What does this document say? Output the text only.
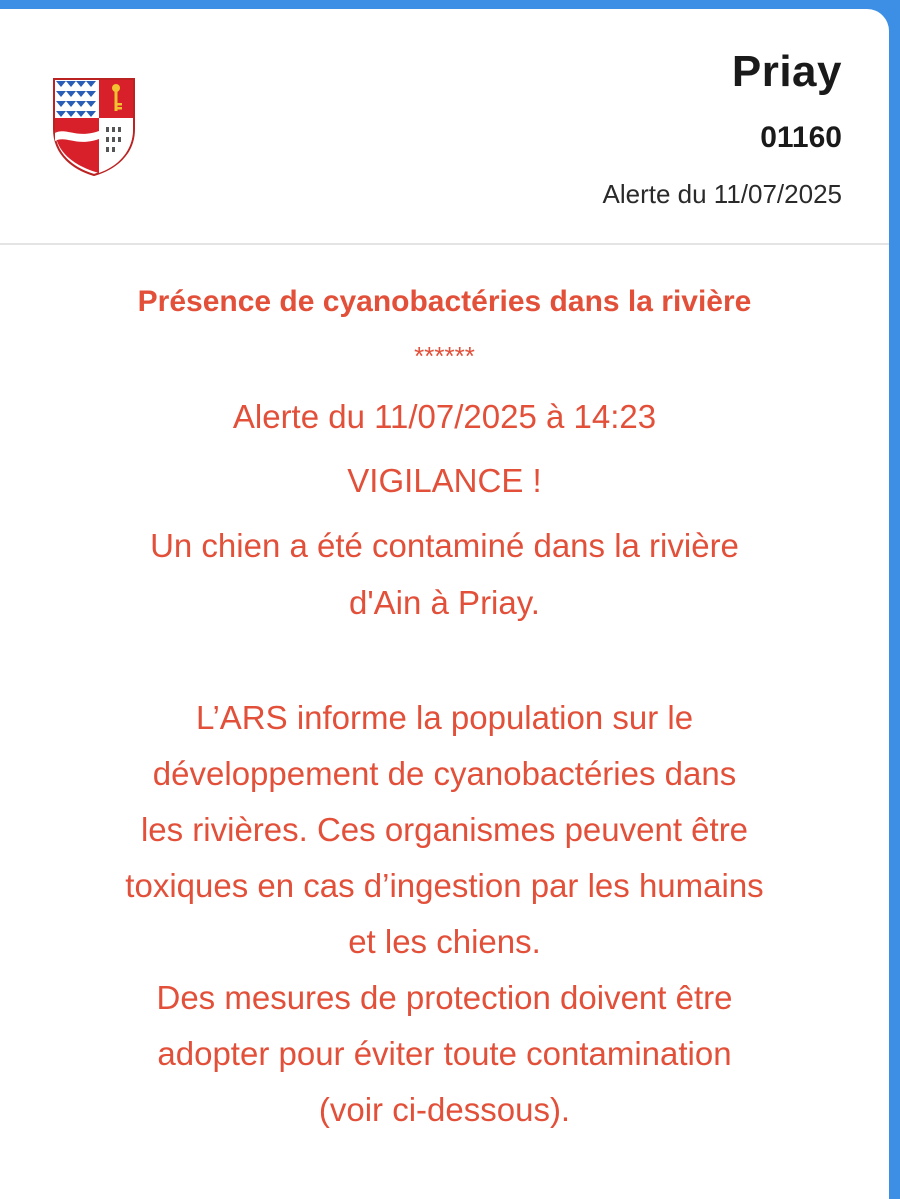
Priay
01160
Alerte du 11/07/2025
Présence de cyanobactéries dans la rivière
******
Alerte du 11/07/2025 à 14:23
VIGILANCE !
Un chien a été contaminé dans la rivière
d'Ain à Priay.
L’ARS informe la population sur le
développement de cyanobactéries dans
les rivières. Ces organismes peuvent être
toxiques en cas d’ingestion par les humains
et les chiens.
Des mesures de protection doivent être
adopter pour éviter toute contamination
(voir ci-dessous).
